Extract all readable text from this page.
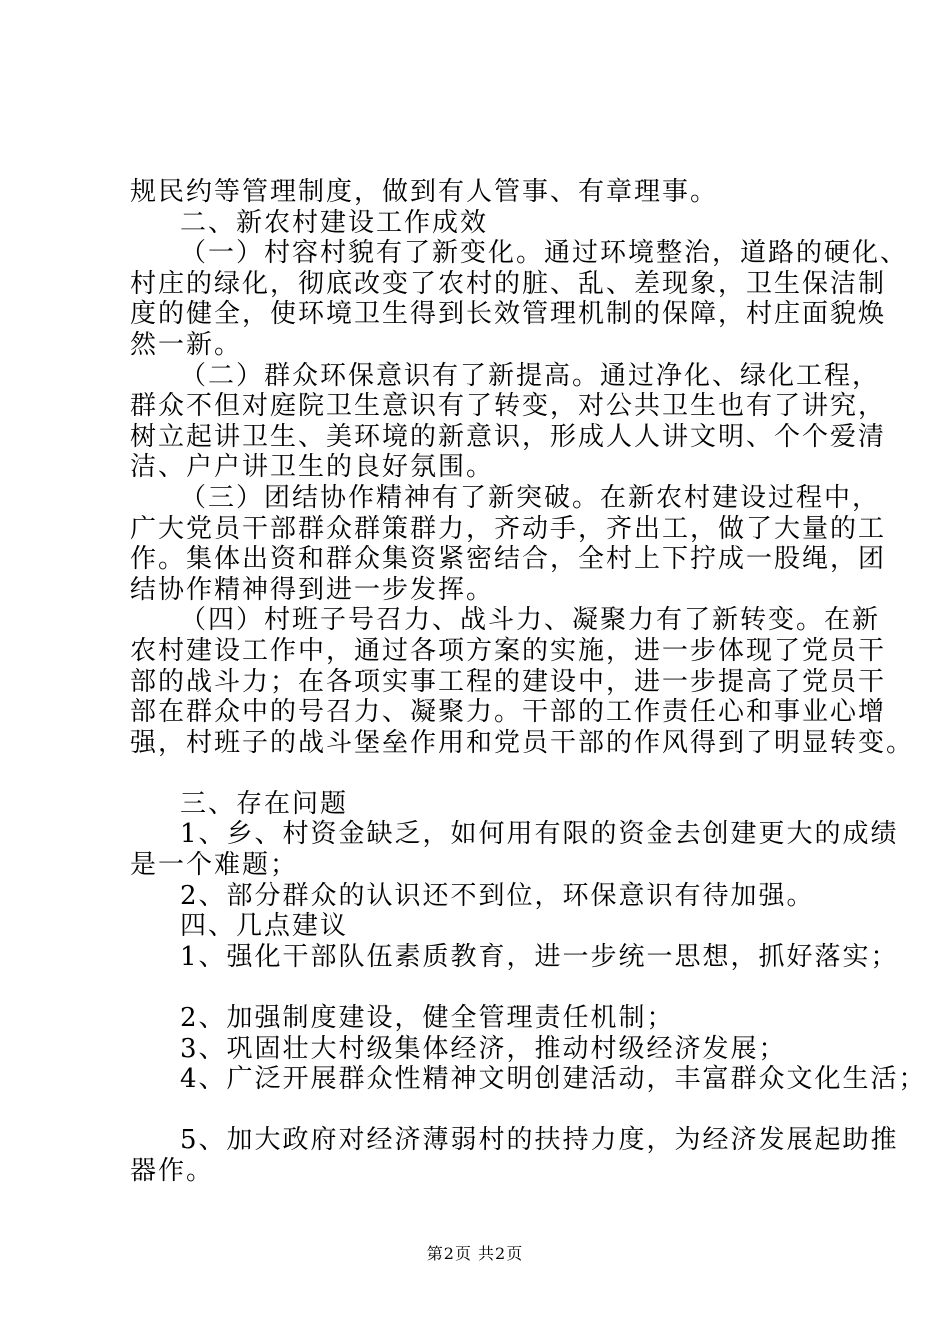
规民约等管理制度，做到有人管事、有章理事。
二、新农村建设工作成效
（一）村容村貌有了新变化。通过环境整治，道路的硬化、
村庄的绿化，彻底改变了农村的脏、乱、差现象，卫生保洁制
度的健全，使环境卫生得到长效管理机制的保障，村庄面貌焕
然一新。
（二）群众环保意识有了新提高。通过净化、绿化工程，
群众不但对庭院卫生意识有了转变，对公共卫生也有了讲究，
树立起讲卫生、美环境的新意识，形成人人讲文明、个个爱清
洁、户户讲卫生的良好氛围。
（三）团结协作精神有了新突破。在新农村建设过程中，
广大党员干部群众群策群力，齐动手，齐出工，做了大量的工
作。集体出资和群众集资紧密结合，全村上下拧成一股绳，团
结协作精神得到进一步发挥。
（四）村班子号召力、战斗力、凝聚力有了新转变。在新
农村建设工作中，通过各项方案的实施，进一步体现了党员干
部的战斗力；在各项实事工程的建设中，进一步提高了党员干
部在群众中的号召力、凝聚力。干部的工作责任心和事业心增
强，村班子的战斗堡垒作用和党员干部的作风得到了明显转变。
三、存在问题
1、乡、村资金缺乏，如何用有限的资金去创建更大的成绩
是一个难题；
2、部分群众的认识还不到位，环保意识有待加强。
四、几点建议
1、强化干部队伍素质教育，进一步统一思想，抓好落实；
2、加强制度建设，健全管理责任机制；
3、巩固壮大村级集体经济，推动村级经济发展；
4、广泛开展群众性精神文明创建活动，丰富群众文化生活；
5、加大政府对经济薄弱村的扶持力度，为经济发展起助推
器作。
第2页 共2页
